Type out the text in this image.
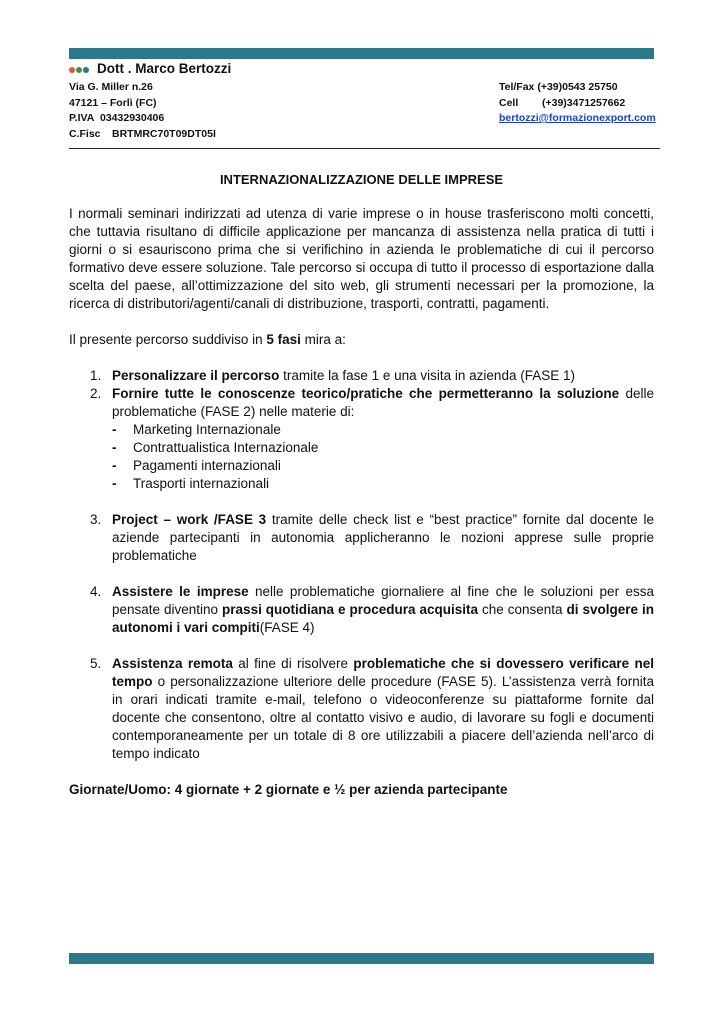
Dott . Marco Bertozzi
Via G. Miller n.26
47121 – Forlì (FC)
P.IVA 03432930406
C.Fisc BRTMRC70T09DT05I
Tel/Fax (+39)0543 25750
Cell (+39)3471257662
bertozzi@formazionexport.com
INTERNAZIONALIZZAZIONE DELLE IMPRESE

I normali seminari indirizzati ad utenza di varie imprese o in house trasferiscono molti concetti, che tuttavia risultano di difficile applicazione per mancanza di assistenza nella pratica di tutti i giorni o si esauriscono prima che si verifichino in azienda le problematiche di cui il percorso formativo deve essere soluzione. Tale percorso si occupa di tutto il processo di esportazione dalla scelta del paese, all’ottimizzazione del sito web, gli strumenti necessari per la promozione, la ricerca di distributori/agenti/canali di distribuzione, trasporti, contratti, pagamenti.

Il presente percorso suddiviso in 5 fasi mira a:

1. Personalizzare il percorso tramite la fase 1 e una visita in azienda (FASE 1)
2. Fornire tutte le conoscenze teorico/pratiche che permetteranno la soluzione delle problematiche (FASE 2) nelle materie di:
- Marketing Internazionale
- Contrattualistica Internazionale
- Pagamenti internazionali
- Trasporti internazionali
3. Project – work /FASE 3 tramite delle check list e “best practice” fornite dal docente le aziende partecipanti in autonomia applicheranno le nozioni apprese sulle proprie problematiche
4. Assistere le imprese nelle problematiche giornaliere al fine che le soluzioni per essa pensate diventino prassi quotidiana e procedura acquisita che consenta di svolgere in autonomi i vari compiti(FASE 4)
5. Assistenza remota al fine di risolvere problematiche che si dovessero verificare nel tempo o personalizzazione ulteriore delle procedure (FASE 5). L’assistenza verrà fornita in orari indicati tramite e-mail, telefono o videoconferenze su piattaforme fornite dal docente che consentono, oltre al contatto visivo e audio, di lavorare su fogli e documenti contemporaneamente per un totale di 8 ore utilizzabili a piacere dell’azienda nell’arco di tempo indicato

Giornate/Uomo: 4 giornate + 2 giornate e ½ per azienda partecipante
